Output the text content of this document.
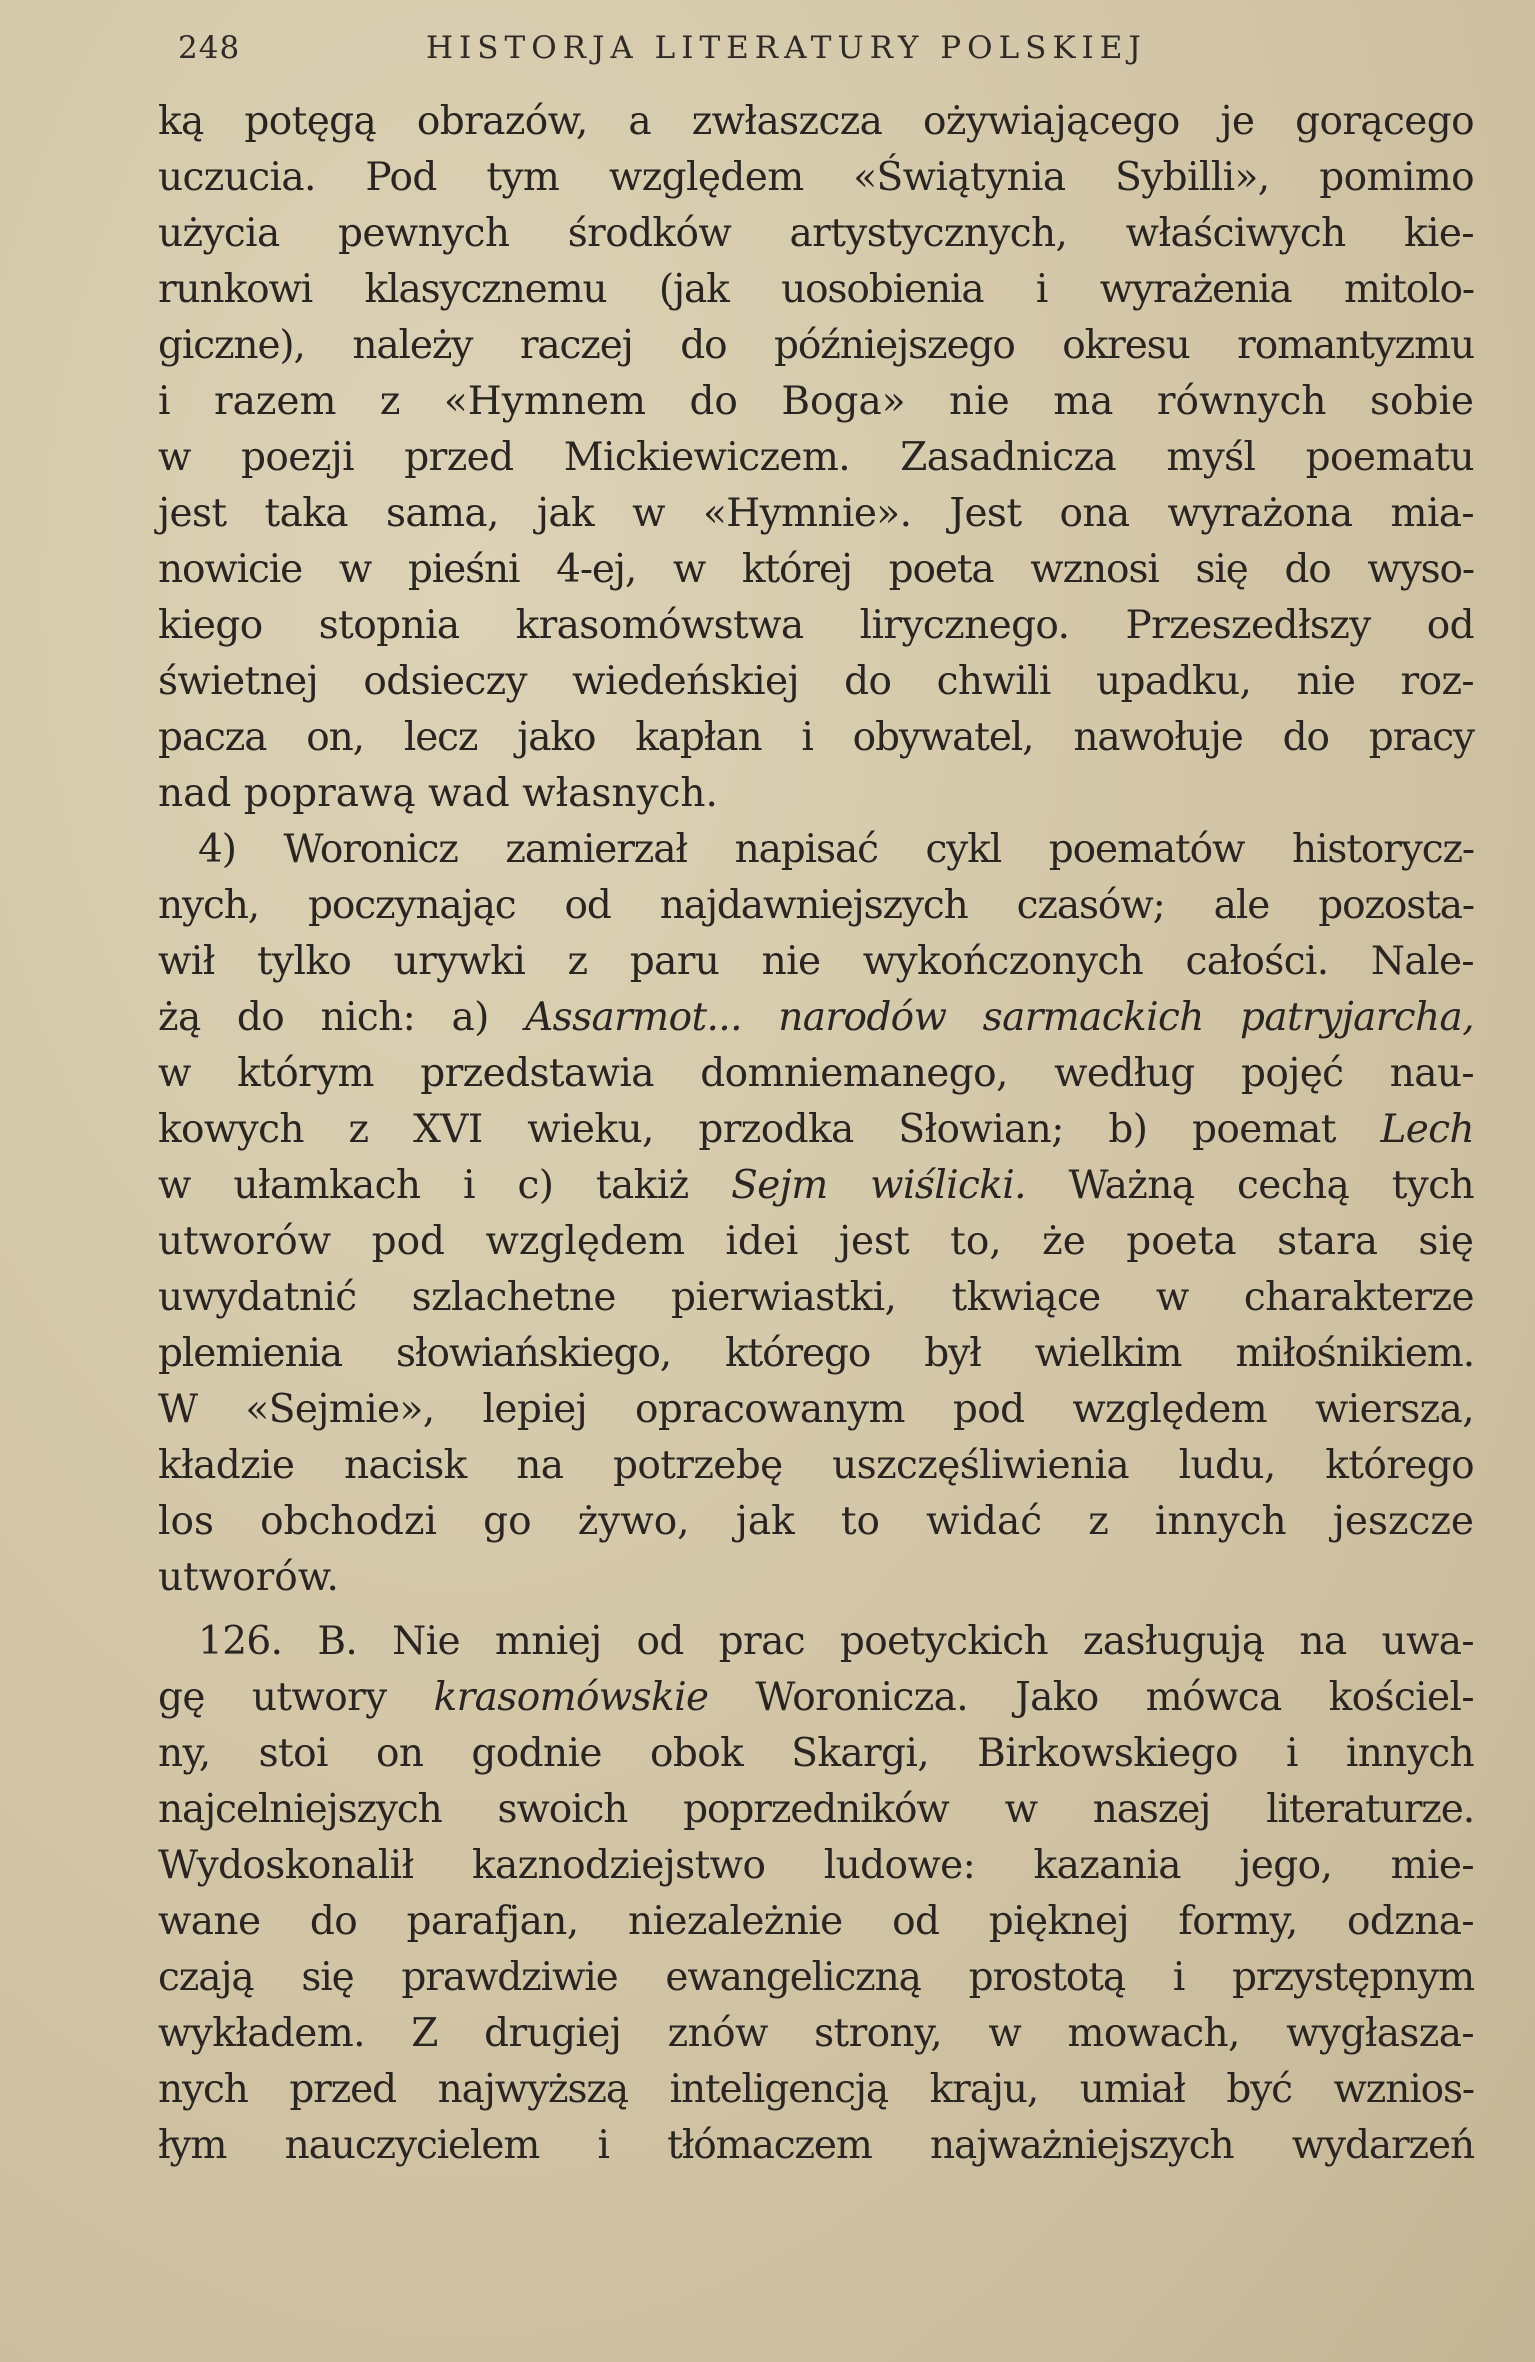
248	HISTORJA LITERATURY POLSKIEJ
ką potęgą obrazów, a zwłaszcza ożywiającego je gorącego
uczucia. Pod tym względem «Świątynia Sybilli», pomimo
użycia pewnych środków artystycznych, właściwych kie-
runkowi klasycznemu (jak uosobienia i wyrażenia mitolo-
giczne), należy raczej do późniejszego okresu romantyzmu
i razem z «Hymnem do Boga» nie ma równych sobie
w poezji przed Mickiewiczem. Zasadnicza myśl poematu
jest taka sama, jak w «Hymnie». Jest ona wyrażona mia-
nowicie w pieśni 4-ej, w której poeta wznosi się do wyso-
kiego stopnia krasomówstwa lirycznego. Przeszedłszy od
świetnej odsieczy wiedeńskiej do chwili upadku, nie roz-
pacza on, lecz jako kapłan i obywatel, nawołuje do pracy
nad poprawą wad własnych.
4) Woronicz zamierzał napisać cykl poematów historycz-
nych, poczynając od najdawniejszych czasów; ale pozosta-
wił tylko urywki z paru nie wykończonych całości. Nale-
żą do nich: a) Assarmot... narodów sarmackich patryjarcha,
w którym przedstawia domniemanego, według pojęć nau-
kowych z XVI wieku, przodka Słowian; b) poemat Lech
w ułamkach i c) takiż Sejm wiślicki. Ważną cechą tych
utworów pod względem idei jest to, że poeta stara się
uwydatnić szlachetne pierwiastki, tkwiące w charakterze
plemienia słowiańskiego, którego był wielkim miłośnikiem.
W «Sejmie», lepiej opracowanym pod względem wiersza,
kładzie nacisk na potrzebę uszczęśliwienia ludu, którego
los obchodzi go żywo, jak to widać z innych jeszcze
utworów.
126. B. Nie mniej od prac poetyckich zasługują na uwa-
gę utwory krasomówskie Woronicza. Jako mówca kościel-
ny, stoi on godnie obok Skargi, Birkowskiego i innych
najcelniejszych swoich poprzedników w naszej literaturze.
Wydoskonalił kaznodziejstwo ludowe: kazania jego, mie-
wane do parafjan, niezależnie od pięknej formy, odzna-
czają się prawdziwie ewangeliczną prostotą i przystępnym
wykładem. Z drugiej znów strony, w mowach, wygłasza-
nych przed najwyższą inteligencją kraju, umiał być wznios-
łym nauczycielem i tłómaczem najważniejszych wydarzeń
